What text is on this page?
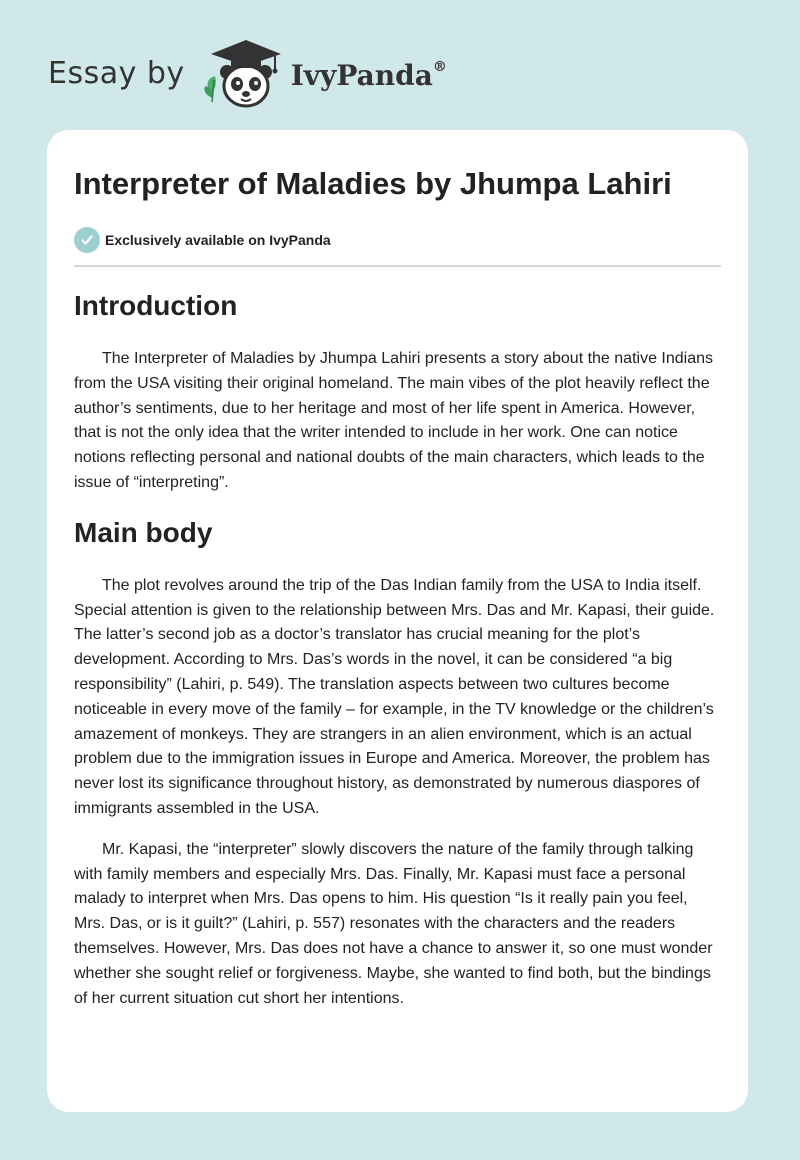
Essay by	IvyPanda®
Interpreter of Maladies by Jhumpa Lahiri
Exclusively available on IvyPanda
Introduction

The Interpreter of Maladies by Jhumpa Lahiri presents a story about the native Indians from the USA visiting their original homeland. The main vibes of the plot heavily reflect the author’s sentiments, due to her heritage and most of her life spent in America. However, that is not the only idea that the writer intended to include in her work. One can notice notions reflecting personal and national doubts of the main characters, which leads to the issue of “interpreting”.

Main body

The plot revolves around the trip of the Das Indian family from the USA to India itself. Special attention is given to the relationship between Mrs. Das and Mr. Kapasi, their guide. The latter’s second job as a doctor’s translator has crucial meaning for the plot’s development. According to Mrs. Das’s words in the novel, it can be considered “a big responsibility” (Lahiri, p. 549). The translation aspects between two cultures become noticeable in every move of the family – for example, in the TV knowledge or the children’s amazement of monkeys. They are strangers in an alien environment, which is an actual problem due to the immigration issues in Europe and America. Moreover, the problem has never lost its significance throughout history, as demonstrated by numerous diaspores of immigrants assembled in the USA.

Mr. Kapasi, the “interpreter” slowly discovers the nature of the family through talking with family members and especially Mrs. Das. Finally, Mr. Kapasi must face a personal malady to interpret when Mrs. Das opens to him. His question “Is it really pain you feel, Mrs. Das, or is it guilt?” (Lahiri, p. 557) resonates with the characters and the readers themselves. However, Mrs. Das does not have a chance to answer it, so one must wonder whether she sought relief or forgiveness. Maybe, she wanted to find both, but the bindings of her current situation cut short her intentions.
